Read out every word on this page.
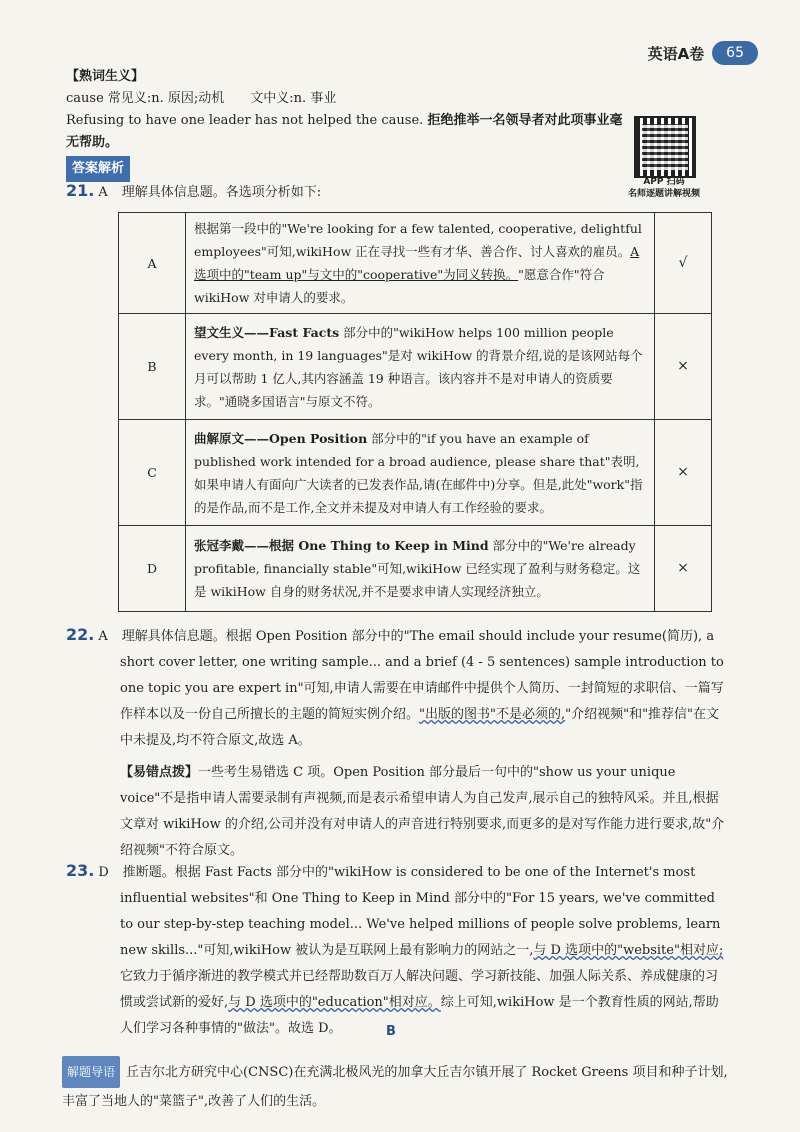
英语A卷	65
【熟词生义】
cause 常见义:n. 原因;动机　　文中义:n. 事业
Refusing to have one leader has not helped the cause. 拒绝推举一名领导者对此项事业毫无帮助。
答案解析
APP 扫码
名师逐题讲解视频
21. A 理解具体信息题。各选项分析如下:
A	根据第一段中的"We're looking for a few talented, cooperative, delightful employees"可知,wikiHow 正在寻找一些有才华、善合作、讨人喜欢的雇员。A 选项中的"team up"与文中的"cooperative"为同义转换。"愿意合作"符合 wikiHow 对申请人的要求。	√
B	望文生义——Fast Facts 部分中的"wikiHow helps 100 million people every month, in 19 languages"是对 wikiHow 的背景介绍,说的是该网站每个月可以帮助 1 亿人,其内容涵盖 19 种语言。该内容并不是对申请人的资质要求。"通晓多国语言"与原文不符。	×
C	曲解原文——Open Position 部分中的"if you have an example of published work intended for a broad audience, please share that"表明,如果申请人有面向广大读者的已发表作品,请(在邮件中)分享。但是,此处"work"指的是作品,而不是工作,全文并未提及对申请人有工作经验的要求。	×
D	张冠李戴——根据 One Thing to Keep in Mind 部分中的"We're already profitable, financially stable"可知,wikiHow 已经实现了盈利与财务稳定。这是 wikiHow 自身的财务状况,并不是要求申请人实现经济独立。	×
22. A 理解具体信息题。根据 Open Position 部分中的"The email should include your resume(简历), a short cover letter, one writing sample... and a brief (4 - 5 sentences) sample introduction to one topic you are expert in"可知,申请人需要在申请邮件中提供个人简历、一封简短的求职信、一篇写作样本以及一份自己所擅长的主题的简短实例介绍。"出版的图书"不是必须的,"介绍视频"和"推荐信"在文中未提及,均不符合原文,故选 A。
【易错点拨】一些考生易错选 C 项。Open Position 部分最后一句中的"show us your unique voice"不是指申请人需要录制有声视频,而是表示希望申请人为自己发声,展示自己的独特风采。并且,根据文章对 wikiHow 的介绍,公司并没有对申请人的声音进行特别要求,而更多的是对写作能力进行要求,故"介绍视频"不符合原文。
23. D 推断题。根据 Fast Facts 部分中的"wikiHow is considered to be one of the Internet's most influential websites"和 One Thing to Keep in Mind 部分中的"For 15 years, we've committed to our step-by-step teaching model... We've helped millions of people solve problems, learn new skills..."可知,wikiHow 被认为是互联网上最有影响力的网站之一,与 D 选项中的"website"相对应;它致力于循序渐进的教学模式并已经帮助数百万人解决问题、学习新技能、加强人际关系、养成健康的习惯或尝试新的爱好,与 D 选项中的"education"相对应。综上可知,wikiHow 是一个教育性质的网站,帮助人们学习各种事情的"做法"。故选 D。	B
解题导语 丘吉尔北方研究中心(CNSC)在充满北极风光的加拿大丘吉尔镇开展了 Rocket Greens 项目和种子计划,丰富了当地人的"菜篮子",改善了人们的生活。
